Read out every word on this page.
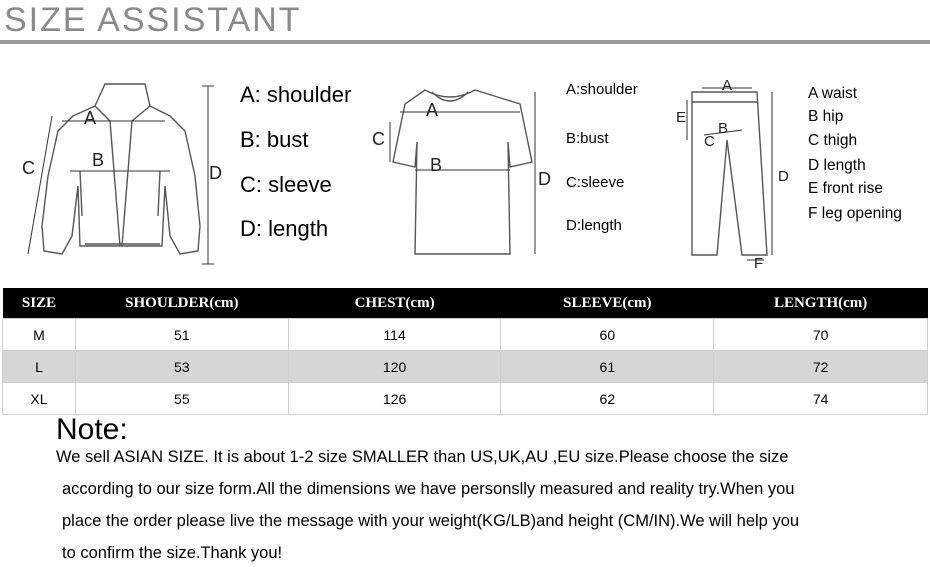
SIZE ASSISTANT
A
B
C	D
A: shoulder
B: bust
C: sleeve
D: length
A
B
C
D
A:shoulder
B:bust
C:sleeve
D:length
A
B
C
D
E
F
A waist
B hip
C thigh
D length
E front rise
F leg opening
SIZE	SHOULDER(cm)	CHEST(cm)	SLEEVE(cm)	LENGTH(cm)
M	51	114	60	70
L	53	120	61	72
XL	55	126	62	74
Note:
We sell ASIAN SIZE. It is about 1-2 size SMALLER than US,UK,AU ,EU size.Please choose the size
according to our size form.All the dimensions we have personslly measured and reality try.When you
place the order please live the message with your weight(KG/LB)and height (CM/IN).We will help you
to confirm the size.Thank you!
